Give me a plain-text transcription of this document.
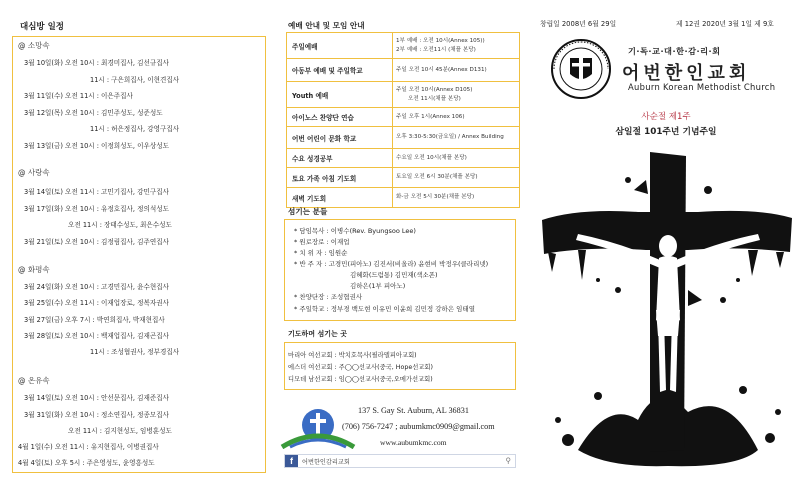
대심방 일정
@ 소망속
3월 10일(화) 오전 10시 : 최경미집사, 김선규집사
11시 : 구은희집사, 이현견집사
3월 11일(수) 오전 11시 : 이은주집사
3월 12일(목) 오전 10시 : 김민주성도, 성준성도
11시 : 허은정집사, 강영구집사
3월 13일(금) 오전 10시 : 이정희성도, 이우상성도
@ 사랑속
3월 14일(토) 오전 11시 : 고민기집사, 강민구집사
3월 17일(화) 오전 10시 : 유정호집사, 정의석성도
오전 11시 : 장태수성도, 최은수성도
3월 21일(토) 오전 10시 : 김정림집사, 김주연집사
@ 화평속
3월 24일(화) 오전 10시 : 고경민집사, 윤수현집사
3월 25일(수) 오전 11시 : 이재업장로, 정복자권사
3월 27일(금) 오후 7시 : 박연희집사, 박재현집사
3월 28일(토) 오전 10시 : 백재업집사, 김재곤집사
11시 : 조성협권사, 정부경집사
@ 온유속
3월 14일(토) 오전 10시 : 안선문집사, 김재준집사
3월 31일(화) 오전 10시 : 정소연집사, 정종모집사
오전 11시 : 김지현성도, 임병훈성도
4월 1일(수) 오전 11시 : 유지현집사, 이병권집사
4월 4일(토) 오후 5시 : 주은영성도, 윤영흥성도
예배 안내 및 모임 안내
주일예배	1부 예배 : 오전 10시(Annex 105))
2부 예배 : 오전11시 (채플 본당)

아동부 예배 및 주일학교	주일 오전 10시 45분(Annex D131)

Youth 예배	주일 오전 10시(Annex D105)
오전 11시(채플 본당)

아이노스 찬양단 연습	주일 오후 1시(Annex 106)

어번 어린이 문화 학교	오후 3:30-5:30(금요일) / Annex Building

수요 성경공부	수요일 오전 10시(채플 본당)

토요 가족 아침 기도회	토요일 오전 6시 30분(채플 본당)

새벽 기도회	화-금 오전 5시 30분(채플 본당)
섬기는 분들
* 담임목사 : 이병수(Rev. Byungsoo Lee)
* 원로장로 : 이재업
* 치 위 자 : 임원순
* 반 주 자 : 고경민(피아노) 김진서(비올라) 윤현비 박정우(클라리넷)
김혜화(드럼통) 김민재(색소폰)
김하은(1부 피아노)
* 찬양단장 : 조성협권사
* 주일학교 : 정부경 백도현 이유민 이윤희 김민정 강하은 임태열
기도하며 섬기는 곳
마리아 여선교회 : 박치호목사(필라델피아교회)
에스더 여선교회 : 주◯◯선교사(중국, Hope선교회)
디모데 남선교회 : 임◯◯선교사(중국,오메가선교회)
137 S. Gay St. Auburn, AL 36831
(706) 756-7247 ; aubumkmc0909@gmail.com
www.aubumkmc.com
f	어번한인감리교회	⚲
창립일 2008년 6월 29일	제 12권 2020년 3월 1일 제 9호
기·독·교·대·한·감·리·회
어번한인교회
Auburn Korean Methodist Church
사순절 제1주
삼일절 101주년 기념주일
